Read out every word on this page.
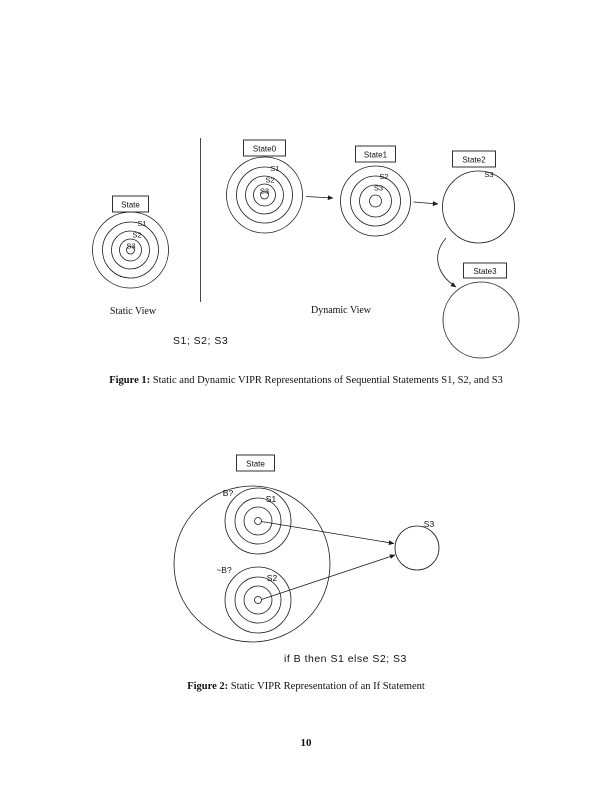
State
S1
S2
S3
Static View	Dynamic View
State0
S1
S2
S3
State1
S2
S3
State2
S3
State3
S1; S2; S3
Figure 1: Static and Dynamic VIPR Representations of Sequential Statements S1, S2, and S3
State
B?
S1
~B?
S2
S3
if B then S1 else S2; S3
Figure 2: Static VIPR Representation of an If Statement
10
